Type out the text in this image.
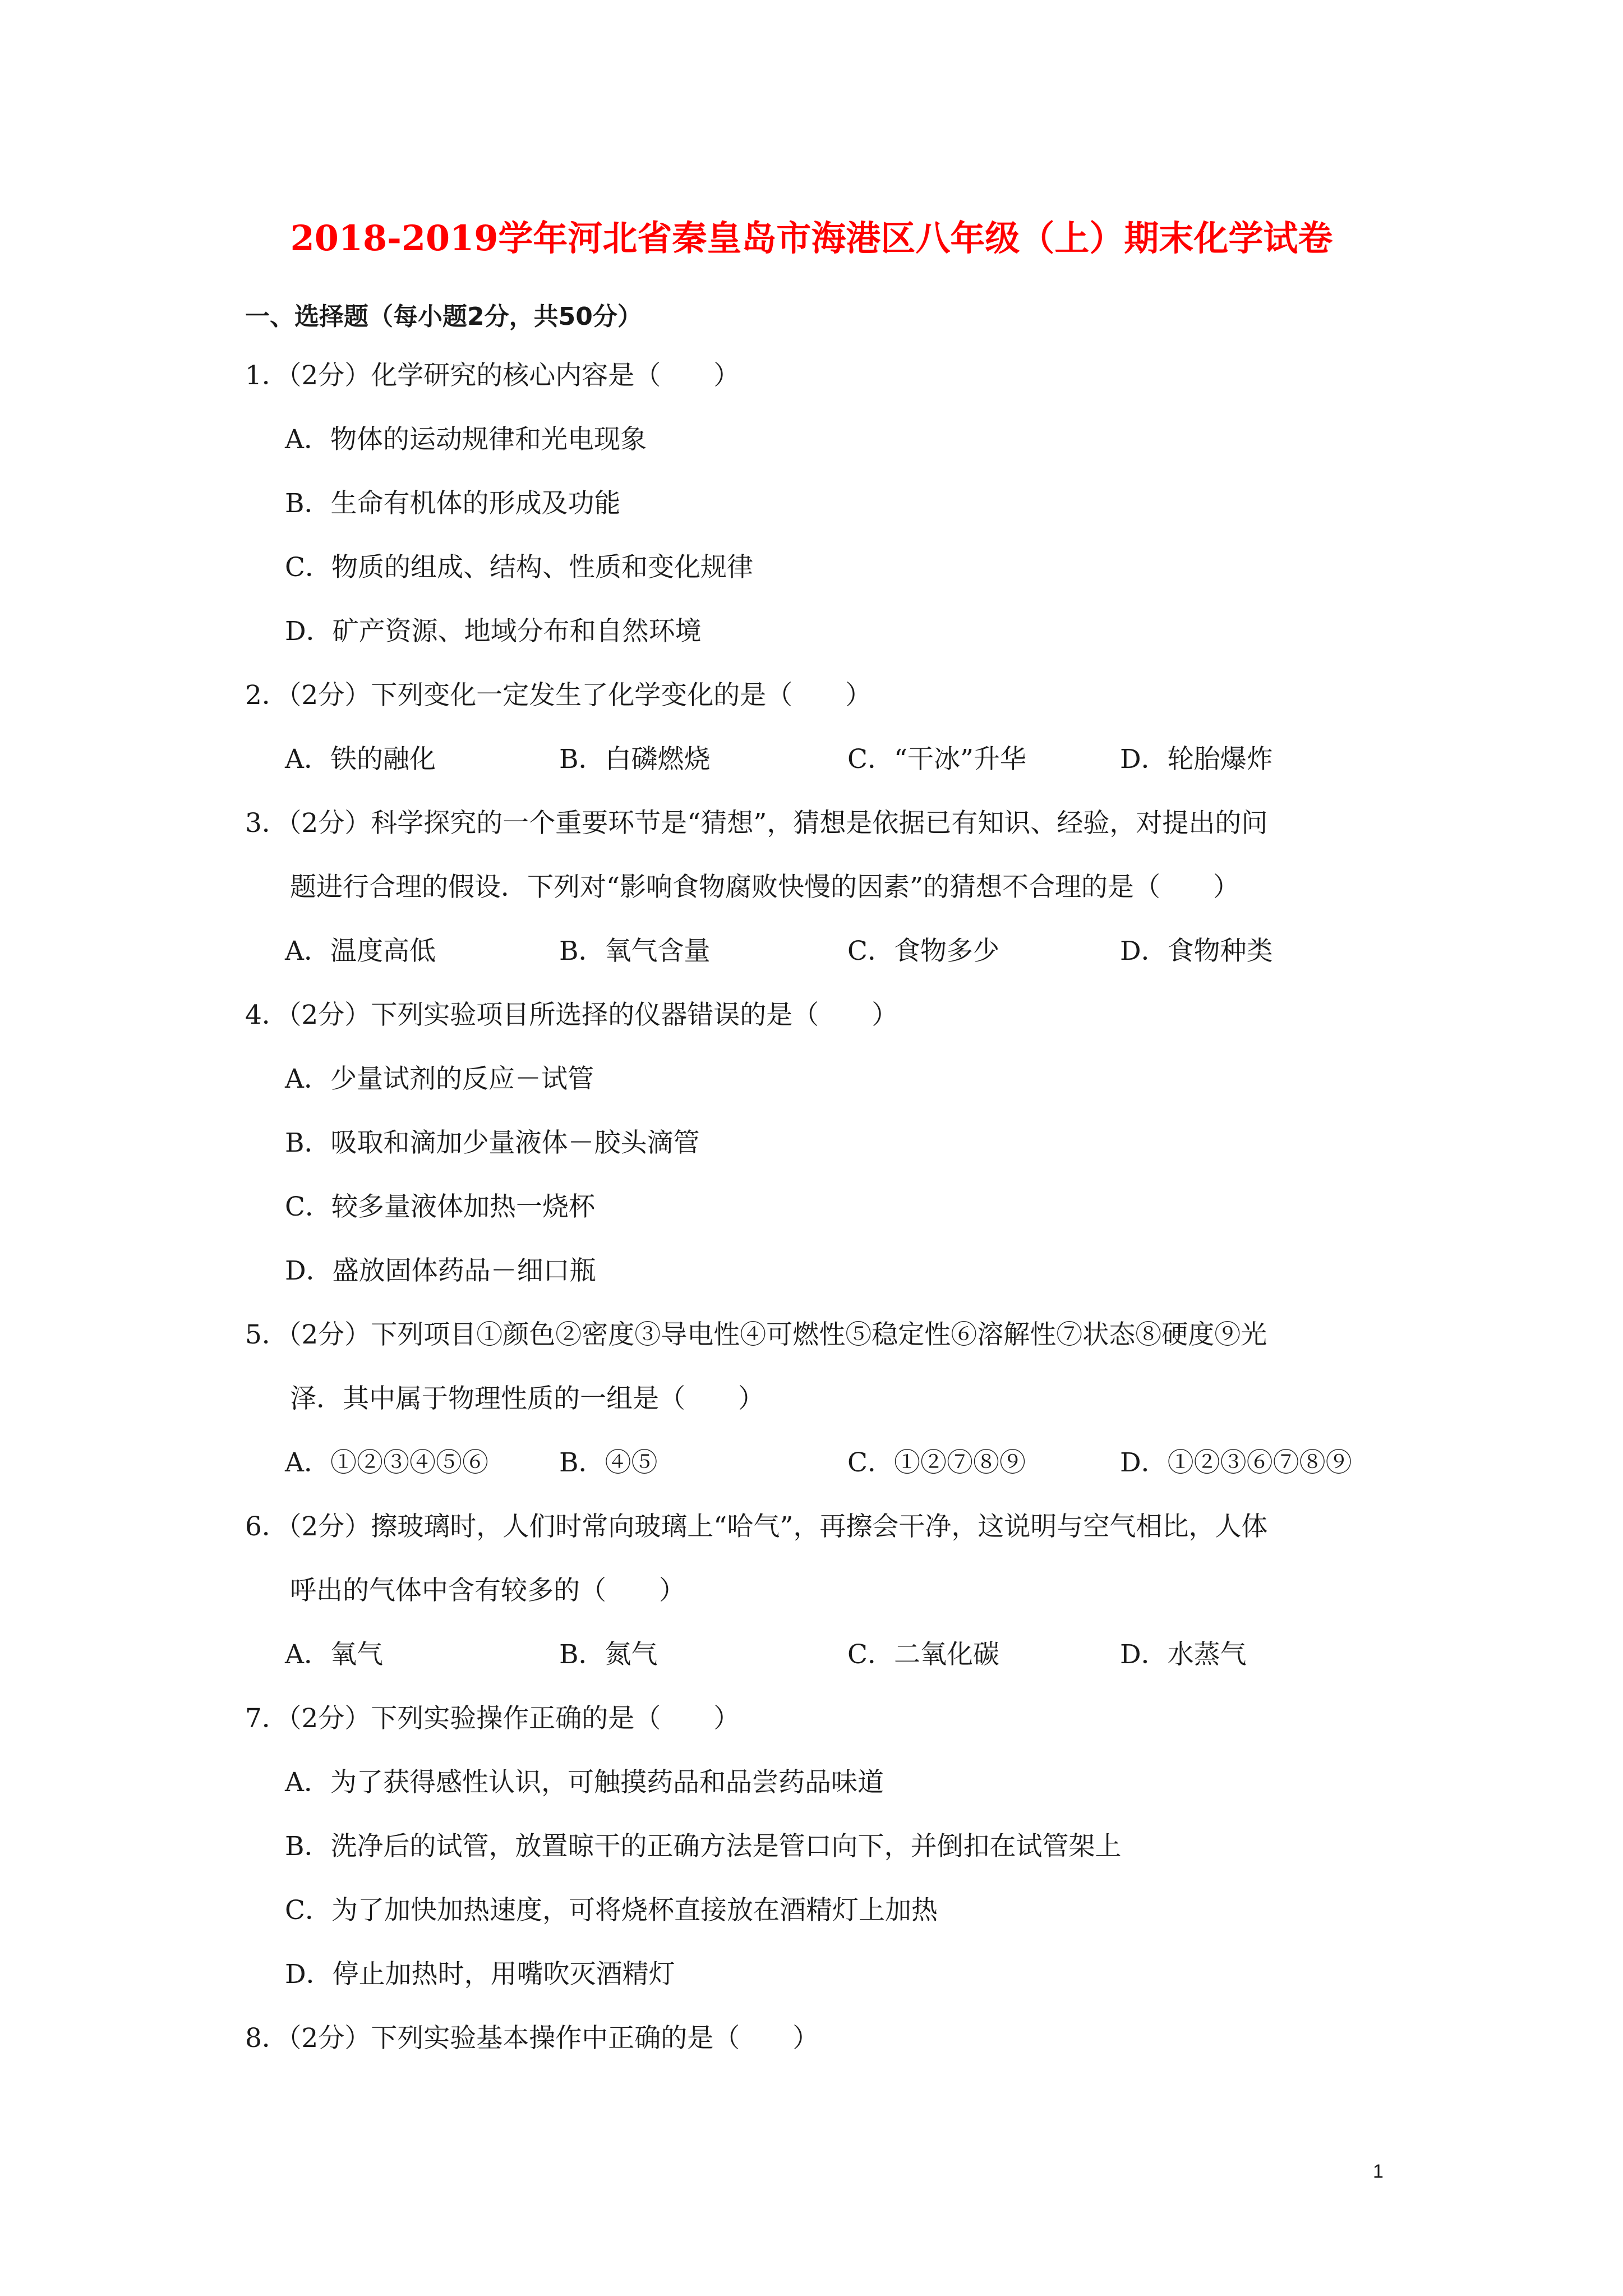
2018-2019学年河北省秦皇岛市海港区八年级（上）期末化学试卷
一、选择题（每小题2分，共50分）
1．（2分）化学研究的核心内容是（　　）
A．物体的运动规律和光电现象
B．生命有机体的形成及功能
C．物质的组成、结构、性质和变化规律
D．矿产资源、地域分布和自然环境
2．（2分）下列变化一定发生了化学变化的是（　　）
A．铁的融化	B．白磷燃烧	C．“干冰”升华	D．轮胎爆炸
3．（2分）科学探究的一个重要环节是“猜想”，猜想是依据已有知识、经验，对提出的问
题进行合理的假设．下列对“影响食物腐败快慢的因素”的猜想不合理的是（　　）
A．温度高低	B．氧气含量	C．食物多少	D．食物种类
4．（2分）下列实验项目所选择的仪器错误的是（　　）
A．少量试剂的反应－试管
B．吸取和滴加少量液体－胶头滴管
C．较多量液体加热一烧杯
D．盛放固体药品－细口瓶
5．（2分）下列项目①颜色②密度③导电性④可燃性⑤稳定性⑥溶解性⑦状态⑧硬度⑨光
泽．其中属于物理性质的一组是（　　）
A．①②③④⑤⑥	B．④⑤	C．①②⑦⑧⑨	D．①②③⑥⑦⑧⑨
6．（2分）擦玻璃时，人们时常向玻璃上“哈气”，再擦会干净，这说明与空气相比，人体
呼出的气体中含有较多的（　　）
A．氧气	B．氮气	C．二氧化碳	D．水蒸气
7．（2分）下列实验操作正确的是（　　）
A．为了获得感性认识，可触摸药品和品尝药品味道
B．洗净后的试管，放置晾干的正确方法是管口向下，并倒扣在试管架上
C．为了加快加热速度，可将烧杯直接放在酒精灯上加热
D．停止加热时，用嘴吹灭酒精灯
8．（2分）下列实验基本操作中正确的是（　　）
1
